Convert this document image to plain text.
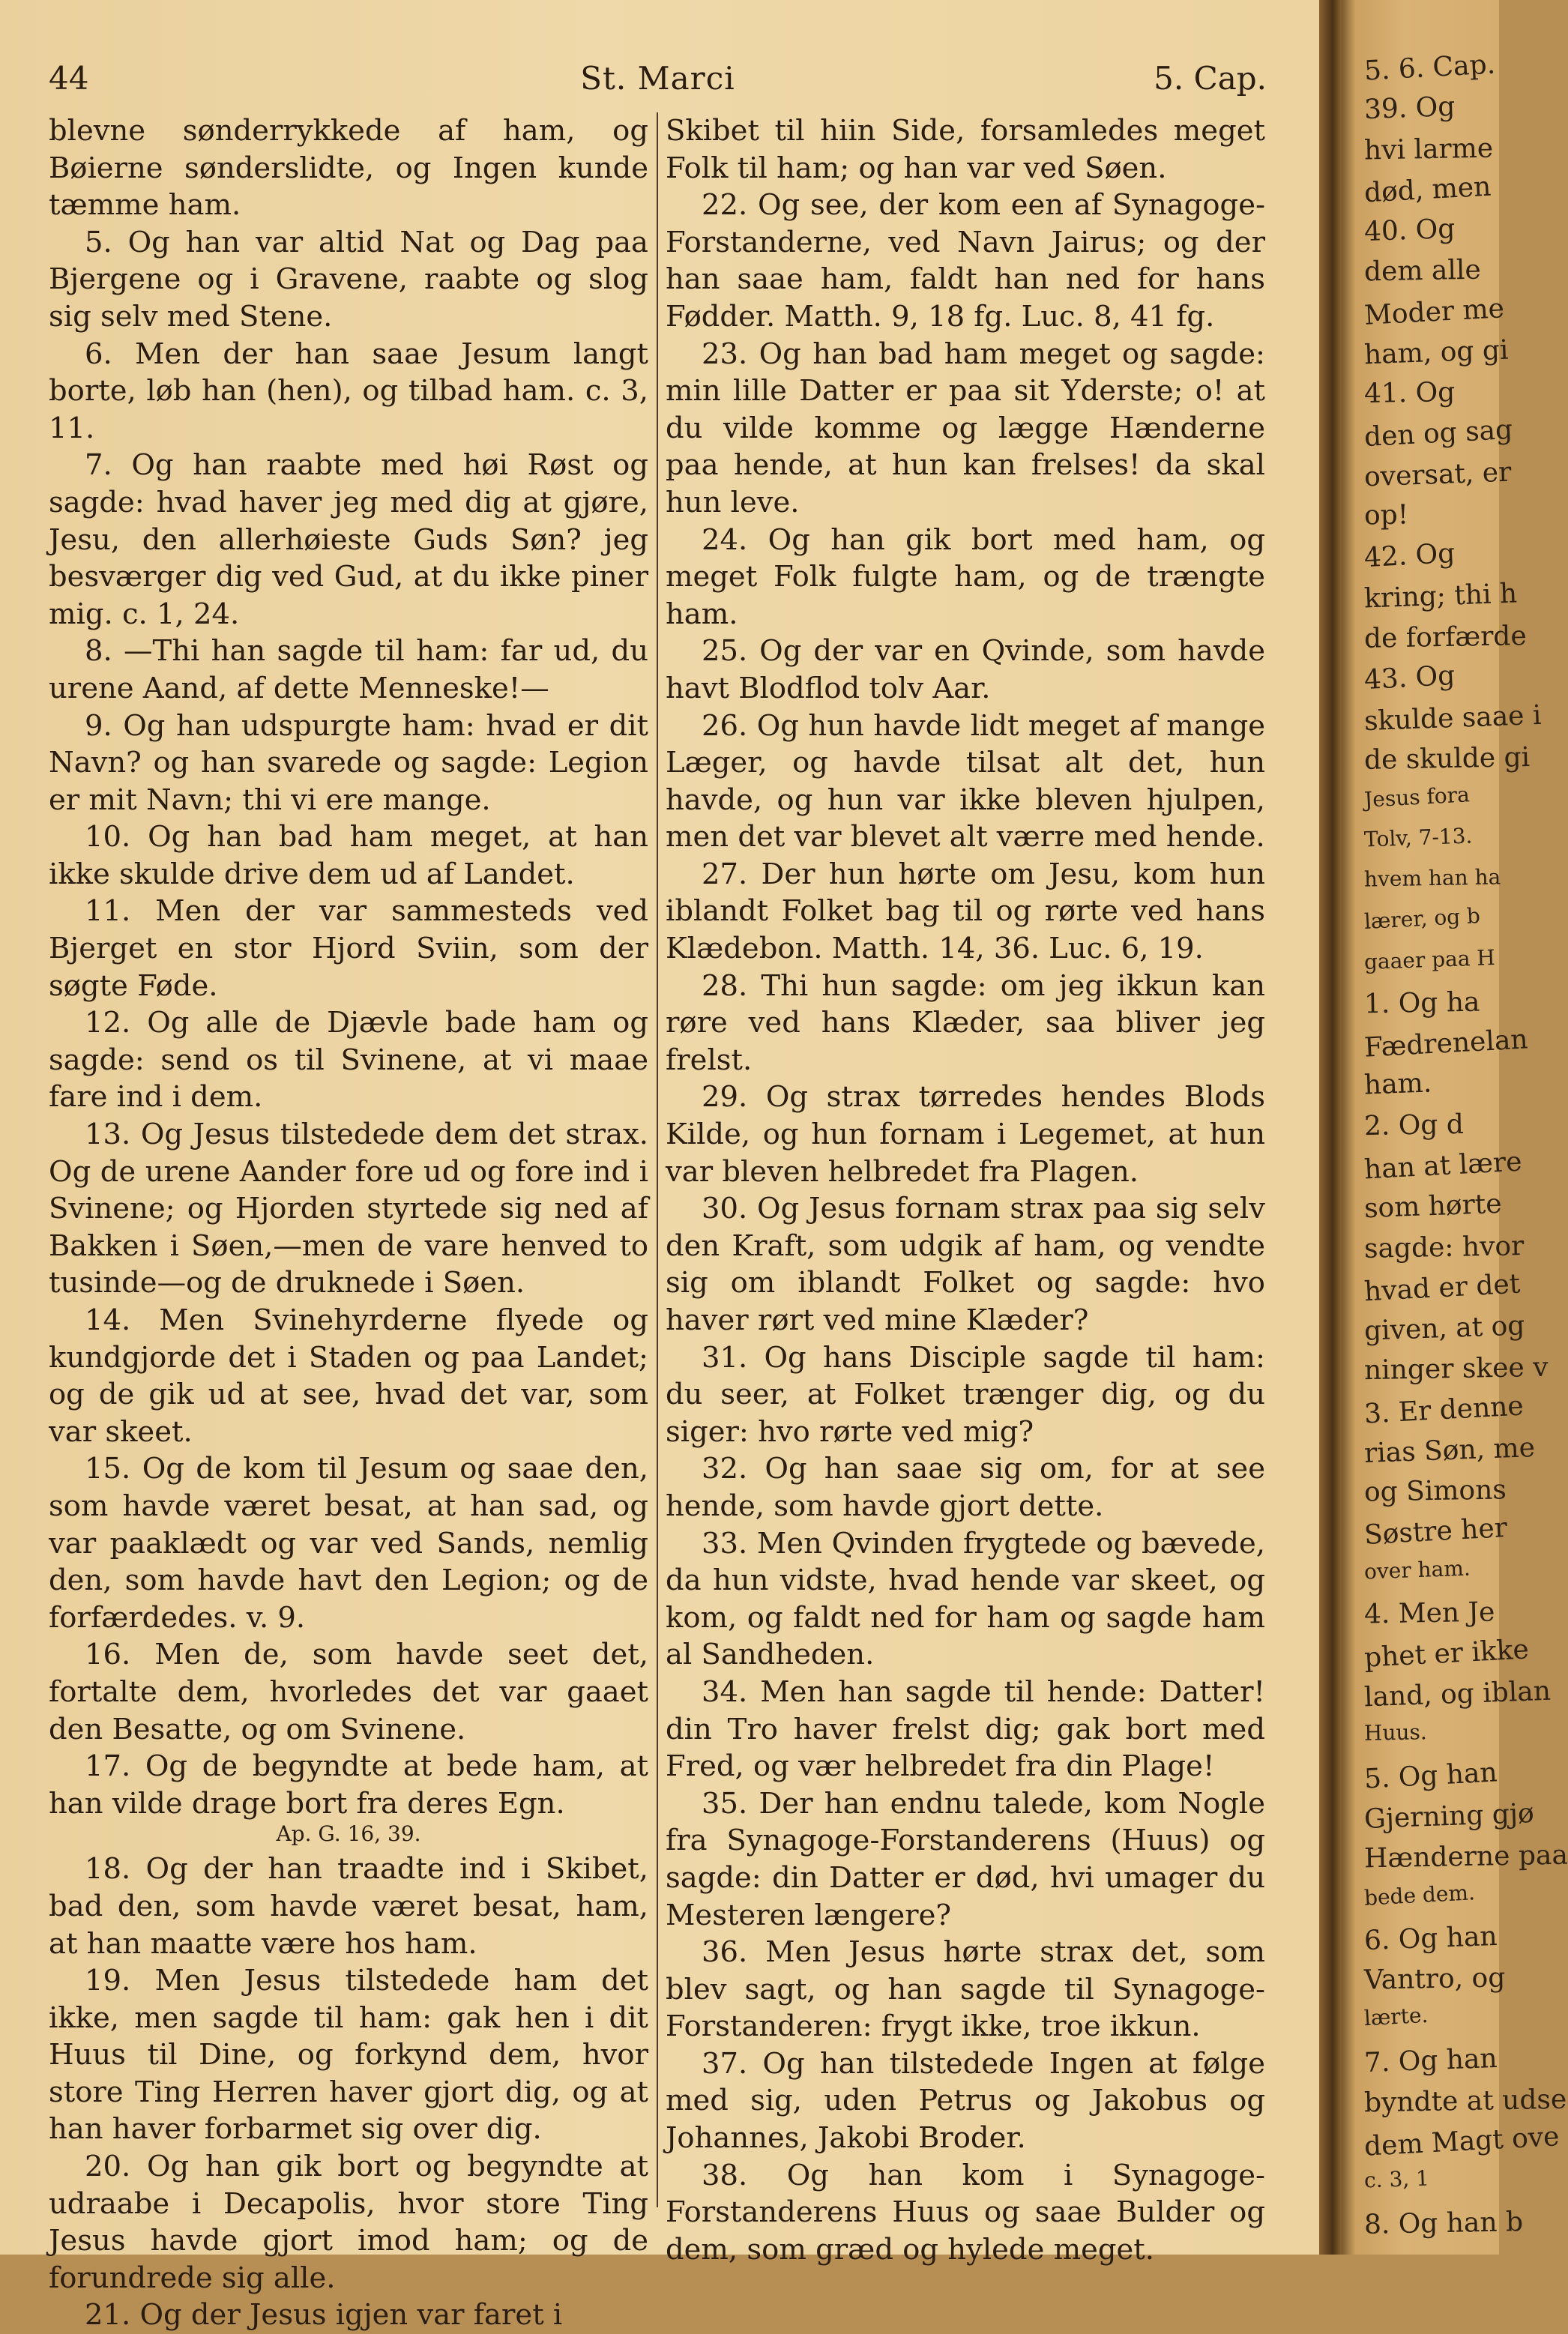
44	St. Marci	5. Cap.

blevne sønderrykkede af ham, og Bøierne sønderslidte, og Ingen kunde tæmme ham.

5. Og han var altid Nat og Dag paa Bjergene og i Gravene, raabte og slog sig selv med Stene.

6. Men der han saae Jesum langt borte, løb han (hen), og tilbad ham. c. 3, 11.

7. Og han raabte med høi Røst og sagde: hvad haver jeg med dig at gjøre, Jesu, den allerhøieste Guds Søn? jeg besværger dig ved Gud, at du ikke piner mig. c. 1, 24.

8. —Thi han sagde til ham: far ud, du urene Aand, af dette Menneske!—

9. Og han udspurgte ham: hvad er dit Navn? og han svarede og sagde: Legion er mit Navn; thi vi ere mange.

10. Og han bad ham meget, at han ikke skulde drive dem ud af Landet.

11. Men der var sammesteds ved Bjerget en stor Hjord Sviin, som der søgte Føde.

12. Og alle de Djævle bade ham og sagde: send os til Svinene, at vi maae fare ind i dem.

13. Og Jesus tilstedede dem det strax. Og de urene Aander fore ud og fore ind i Svinene; og Hjorden styrtede sig ned af Bakken i Søen,—men de vare henved to tusinde—og de druknede i Søen.

14. Men Svinehyrderne flyede og kundgjorde det i Staden og paa Landet; og de gik ud at see, hvad det var, som var skeet.

15. Og de kom til Jesum og saae den, som havde været besat, at han sad, og var paaklædt og var ved Sands, nemlig den, som havde havt den Legion; og de forfærdedes. v. 9.

16. Men de, som havde seet det, fortalte dem, hvorledes det var gaaet den Besatte, og om Svinene.

17. Og de begyndte at bede ham, at han vilde drage bort fra deres Egn.

Ap. G. 16, 39.

18. Og der han traadte ind i Skibet, bad den, som havde været besat, ham, at han maatte være hos ham.

19. Men Jesus tilstedede ham det ikke, men sagde til ham: gak hen i dit Huus til Dine, og forkynd dem, hvor store Ting Herren haver gjort dig, og at han haver forbarmet sig over dig.

20. Og han gik bort og begyndte at udraabe i Decapolis, hvor store Ting Jesus havde gjort imod ham; og de forundrede sig alle.

21. Og der Jesus igjen var faret i

Skibet til hiin Side, forsamledes meget Folk til ham; og han var ved Søen.

22. Og see, der kom een af Synagoge-Forstanderne, ved Navn Jairus; og der han saae ham, faldt han ned for hans Fødder. Matth. 9, 18 fg. Luc. 8, 41 fg.

23. Og han bad ham meget og sagde: min lille Datter er paa sit Yderste; o! at du vilde komme og lægge Hænderne paa hende, at hun kan frelses! da skal hun leve.

24. Og han gik bort med ham, og meget Folk fulgte ham, og de trængte ham.

25. Og der var en Qvinde, som havde havt Blodflod tolv Aar.

26. Og hun havde lidt meget af mange Læger, og havde tilsat alt det, hun havde, og hun var ikke bleven hjulpen, men det var blevet alt værre med hende.

27. Der hun hørte om Jesu, kom hun iblandt Folket bag til og rørte ved hans Klædebon. Matth. 14, 36. Luc. 6, 19.

28. Thi hun sagde: om jeg ikkun kan røre ved hans Klæder, saa bliver jeg frelst.

29. Og strax tørredes hendes Blods Kilde, og hun fornam i Legemet, at hun var bleven helbredet fra Plagen.

30. Og Jesus fornam strax paa sig selv den Kraft, som udgik af ham, og vendte sig om iblandt Folket og sagde: hvo haver rørt ved mine Klæder?

31. Og hans Disciple sagde til ham: du seer, at Folket trænger dig, og du siger: hvo rørte ved mig?

32. Og han saae sig om, for at see hende, som havde gjort dette.

33. Men Qvinden frygtede og bævede, da hun vidste, hvad hende var skeet, og kom, og faldt ned for ham og sagde ham al Sandheden.

34. Men han sagde til hende: Datter! din Tro haver frelst dig; gak bort med Fred, og vær helbredet fra din Plage!

35. Der han endnu talede, kom Nogle fra Synagoge-Forstanderens (Huus) og sagde: din Datter er død, hvi umager du Mesteren længere?

36. Men Jesus hørte strax det, som blev sagt, og han sagde til Synagoge-Forstanderen: frygt ikke, troe ikkun.

37. Og han tilstedede Ingen at følge med sig, uden Petrus og Jakobus og Johannes, Jakobi Broder.

38. Og han kom i Synagoge-Forstanderens Huus og saae Bulder og dem, som græd og hylede meget.

5. 6. Cap.
39. Og
hvi larme
død, men
40. Og
dem alle
Moder me
ham, og gi
41. Og
den og sag
oversat, er
op!
42. Og
kring; thi h
de forfærde
43. Og
skulde saae i
de skulde gi
Jesus fora
Tolv, 7-13.
hvem han ha
lærer, og b
gaaer paa H
1. Og ha
Fædrenelan
ham.
2. Og d
han at lære
som hørte
sagde: hvor
hvad er det
given, at og
ninger skee v
3. Er denne
rias Søn, me
og Simons
Søstre her
over ham.
4. Men Je
phet er ikke
land, og iblan
Huus.
5. Og han
Gjerning gjø
Hænderne paa
bede dem.
6. Og han
Vantro, og
lærte.
7. Og han
byndte at udse
dem Magt ove
c. 3, 1
8. Og han b
